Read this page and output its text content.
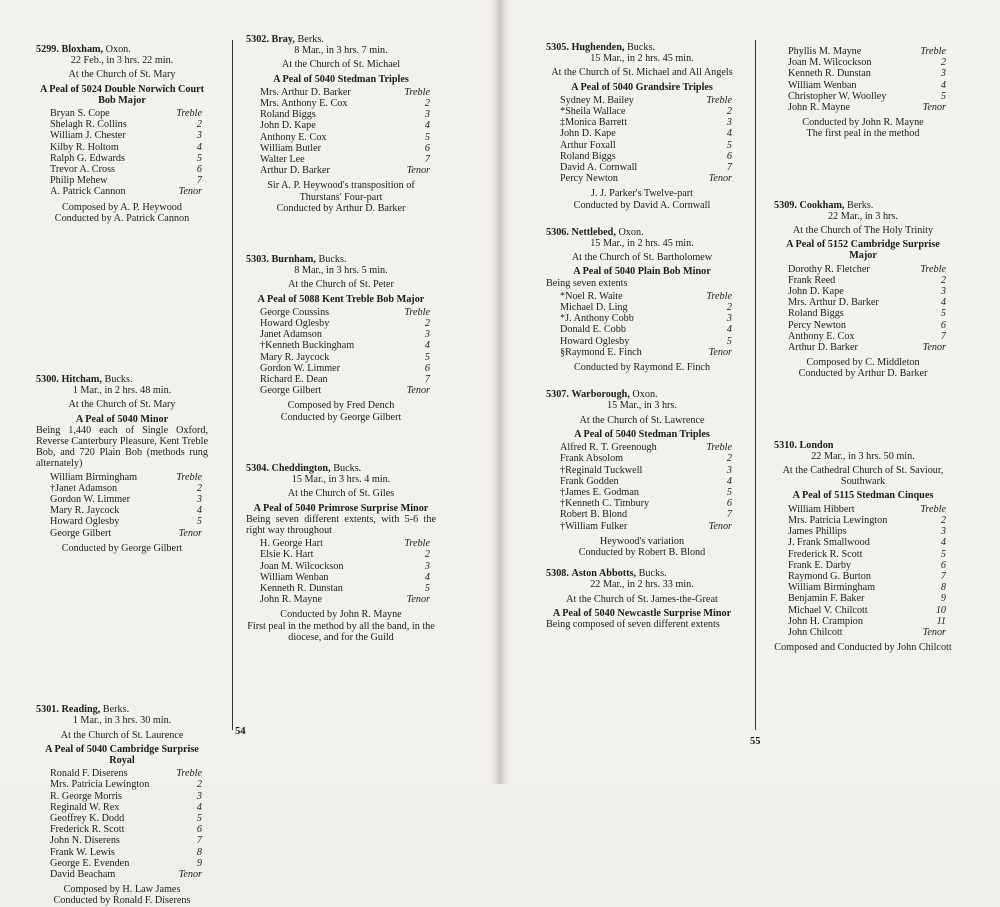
5299. Bloxham, Oxon.
22 Feb., in 3 hrs. 22 min.
At the Church of St. Mary
A Peal of 5024 Double Norwich Court Bob Major
Bryan S. Cope	Treble
Shelagh R. Collins	2
William J. Chester	3
Kilby R. Holtom	4
Ralph G. Edwards	5
Trevor A. Cross	6
Philip Mehew	7
A. Patrick Cannon	Tenor
Composed by A. P. Heywood
Conducted by A. Patrick Cannon
5300. Hitcham, Bucks.
1 Mar., in 2 hrs. 48 min.
At the Church of St. Mary
A Peal of 5040 Minor
Being 1,440 each of Single Oxford, Reverse Canterbury Pleasure, Kent Treble Bob, and 720 Plain Bob (methods rung alternately)
William Birmingham	Treble
†Janet Adamson	2
Gordon W. Limmer	3
Mary R. Jaycock	4
Howard Oglesby	5
George Gilbert	Tenor
Conducted by George Gilbert
5301. Reading, Berks.
1 Mar., in 3 hrs. 30 min.
At the Church of St. Laurence
A Peal of 5040 Cambridge Surprise Royal
Ronald F. Diserens	Treble
Mrs. Patricia Lewington	2
R. George Morris	3
Reginald W. Rex	4
Geoffrey K. Dodd	5
Frederick R. Scott	6
John N. Diserens	7
Frank W. Lewis	8
George E. Evenden	9
David Beacham	Tenor
Composed by H. Law James
Conducted by Ronald F. Diserens
5302. Bray, Berks.
8 Mar., in 3 hrs. 7 min.
At the Church of St. Michael
A Peal of 5040 Stedman Triples
Mrs. Arthur D. Barker	Treble
Mrs. Anthony E. Cox	2
Roland Biggs	3
John D. Kape	4
Anthony E. Cox	5
William Butler	6
Walter Lee	7
Arthur D. Barker	Tenor
Sir A. P. Heywood's transposition of Thurstans' Four-part
Conducted by Arthur D. Barker
5303. Burnham, Bucks.
8 Mar., in 3 hrs. 5 min.
At the Church of St. Peter
A Peal of 5088 Kent Treble Bob Major
George Coussins	Treble
Howard Oglesby	2
Janet Adamson	3
†Kenneth Buckingham	4
Mary R. Jaycock	5
Gordon W. Limmer	6
Richard E. Dean	7
George Gilbert	Tenor
Composed by Fred Dench
Conducted by George Gilbert
5304. Cheddington, Bucks.
15 Mar., in 3 hrs. 4 min.
At the Church of St. Giles
A Peal of 5040 Primrose Surprise Minor
Being seven different extents, with 5-6 the right way throughout
H. George Hart	Treble
Elsie K. Hart	2
Joan M. Wilcockson	3
William Wenban	4
Kenneth R. Dunstan	5
John R. Mayne	Tenor
Conducted by John R. Mayne
First peal in the method by all the band, in the diocese, and for the Guild
5305. Hughenden, Bucks.
15 Mar., in 2 hrs. 45 min.
At the Church of St. Michael and All Angels
A Peal of 5040 Grandsire Triples
Sydney M. Bailey	Treble
*Sheila Wallace	2
‡Monica Barrett	3
John D. Kape	4
Arthur Foxall	5
Roland Biggs	6
David A. Cornwall	7
Percy Newton	Tenor
J. J. Parker's Twelve-part
Conducted by David A. Cornwall
5306. Nettlebed, Oxon.
15 Mar., in 2 hrs. 45 min.
At the Church of St. Bartholomew
A Peal of 5040 Plain Bob Minor
Being seven extents
*Noel R. Waite	Treble
Michael D. Ling	2
*J. Anthony Cobb	3
Donald E. Cobb	4
Howard Oglesby	5
§Raymond E. Finch	Tenor
Conducted by Raymond E. Finch
5307. Warborough, Oxon.
15 Mar., in 3 hrs.
At the Church of St. Lawrence
A Peal of 5040 Stedman Triples
Alfred R. T. Greenough	Treble
Frank Absolom	2
†Reginald Tuckwell	3
Frank Godden	4
†James E. Godman	5
†Kenneth C. Timbury	6
Robert B. Blond	7
†William Fulker	Tenor
Heywood's variation
Conducted by Robert B. Blond
5308. Aston Abbotts, Bucks.
22 Mar., in 2 hrs. 33 min.
At the Church of St. James-the-Great
A Peal of 5040 Newcastle Surprise Minor
Being composed of seven different extents
Phyllis M. Mayne	Treble
Joan M. Wilcockson	2
Kenneth R. Dunstan	3
William Wenban	4
Christopher W. Woolley	5
John R. Mayne	Tenor
Conducted by John R. Mayne
The first peal in the method
5309. Cookham, Berks.
22 Mar., in 3 hrs.
At the Church of The Holy Trinity
A Peal of 5152 Cambridge Surprise Major
Dorothy R. Fletcher	Treble
Frank Reed	2
John D. Kape	3
Mrs. Arthur D. Barker	4
Roland Biggs	5
Percy Newton	6
Anthony E. Cox	7
Arthur D. Barker	Tenor
Composed by C. Middleton
Conducted by Arthur D. Barker
5310. London
22 Mar., in 3 hrs. 50 min.
At the Cathedral Church of St. Saviour, Southwark
A Peal of 5115 Stedman Cinques
William Hibbert	Treble
Mrs. Patricia Lewington	2
James Phillips	3
J. Frank Smallwood	4
Frederick R. Scott	5
Frank E. Darby	6
Raymond G. Burton	7
William Birmingham	8
Benjamin F. Baker	9
Michael V. Chilcott	10
John H. Crampion	11
John Chilcott	Tenor
Composed and Conducted by John Chilcott
54
55
